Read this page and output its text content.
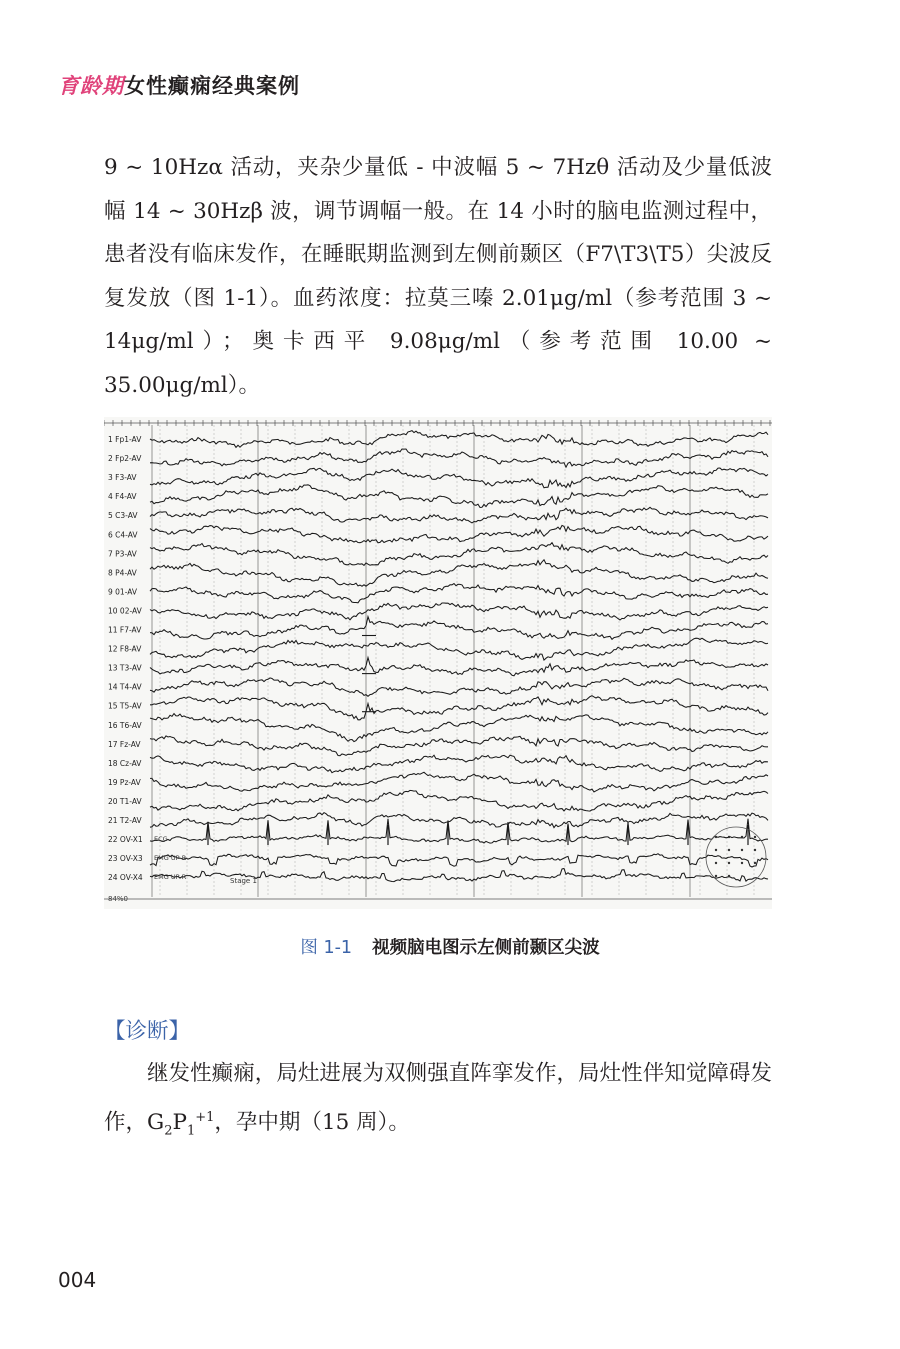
育龄期女性癫痫经典案例
9 ~ 10Hzα 活动，夹杂少量低 - 中波幅 5 ~ 7Hzθ 活动及少量低波幅 14 ~ 30Hzβ 波，调节调幅一般。在 14 小时的脑电监测过程中，患者没有临床发作，在睡眠期监测到左侧前颞区（F7\T3\T5）尖波反复发放（图 1-1）。血药浓度：拉莫三嗪 2.01μg/ml（参考范围 3 ~ 14μg/ml）；奥卡西平 9.08μg/ml（参考范围 10.00 ~ 35.00μg/ml）。
1 Fp1-AV
2 Fp2-AV
3 F3-AV
4 F4-AV
5 C3-AV
6 C4-AV
7 P3-AV
8 P4-AV
9 01-AV
10 02-AV
11 F7-AV
12 F8-AV
13 T3-AV
14 T4-AV
15 T5-AV
16 T6-AV
17 Fz-AV
18 Cz-AV
19 Pz-AV
20 T1-AV
21 T2-AV
22 OV-X1
23 OV-X3
24 OV-X4
ECG
EMG UP-R
EMG UP-R	Stage 1
84%0
图 1-1 视频脑电图示左侧前颞区尖波
【诊断】
继发性癫痫，局灶进展为双侧强直阵挛发作，局灶性伴知觉障碍发作，$G_2P_1^{+1}$，孕中期（15 周）。
004
